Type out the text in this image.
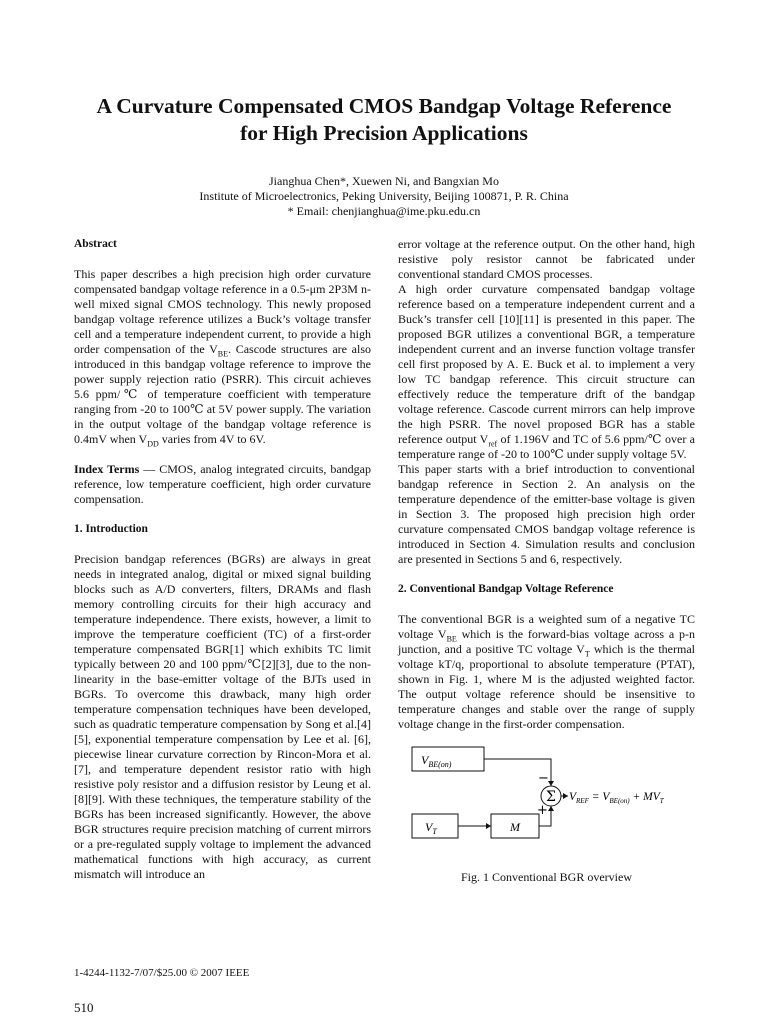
A Curvature Compensated CMOS Bandgap Voltage Reference
for High Precision Applications
Jianghua Chen*, Xuewen Ni, and Bangxian Mo
Institute of Microelectronics, Peking University, Beijing 100871, P. R. China
* Email: chenjianghua@ime.pku.edu.cn
Abstract

This paper describes a high precision high order curvature compensated bandgap voltage reference in a 0.5-μm 2P3M n-well mixed signal CMOS technology. This newly proposed bandgap voltage reference utilizes a Buck’s voltage transfer cell and a temperature independent current, to provide a high order compensation of the $V_{BE}$. Cascode structures are also introduced in this bandgap voltage reference to improve the power supply rejection ratio (PSRR). This circuit achieves 5.6 ppm/℃ of temperature coefficient with temperature ranging from -20 to 100℃ at 5V power supply. The variation in the output voltage of the bandgap voltage reference is 0.4mV when $V_{DD}$ varies from 4V to 6V.

Index Terms — CMOS, analog integrated circuits, bandgap reference, low temperature coefficient, high order curvature compensation.

1. Introduction

Precision bandgap references (BGRs) are always in great needs in integrated analog, digital or mixed signal building blocks such as A/D converters, filters, DRAMs and flash memory controlling circuits for their high accuracy and temperature independence. There exists, however, a limit to improve the temperature coefficient (TC) of a first-order temperature compensated BGR[1] which exhibits TC limit typically between 20 and 100 ppm/℃[2][3], due to the non-linearity in the base-emitter voltage of the BJTs used in BGRs. To overcome this drawback, many high order temperature compensation techniques have been developed, such as quadratic temperature compensation by Song et al.[4][5], exponential temperature compensation by Lee et al. [6], piecewise linear curvature correction by Rincon-Mora et al.[7], and temperature dependent resistor ratio with high resistive poly resistor and a diffusion resistor by Leung et al.[8][9]. With these techniques, the temperature stability of the BGRs has been increased significantly. However, the above BGR structures require precision matching of current mirrors or a pre-regulated supply voltage to implement the advanced mathematical functions with high accuracy, as current mismatch will introduce an

error voltage at the reference output. On the other hand, high resistive poly resistor cannot be fabricated under conventional standard CMOS processes.

A high order curvature compensated bandgap voltage reference based on a temperature independent current and a Buck’s transfer cell [10][11] is presented in this paper. The proposed BGR utilizes a conventional BGR, a temperature independent current and an inverse function voltage transfer cell first proposed by A. E. Buck et al. to implement a very low TC bandgap reference. This circuit structure can effectively reduce the temperature drift of the bandgap voltage reference. Cascode current mirrors can help improve the high PSRR. The novel proposed BGR has a stable reference output $V_{ref}$ of 1.196V and TC of 5.6 ppm/℃ over a temperature range of -20 to 100℃ under supply voltage 5V.

This paper starts with a brief introduction to conventional bandgap reference in Section 2. An analysis on the temperature dependence of the emitter-base voltage is given in Section 3. The proposed high precision high order curvature compensated CMOS bandgap voltage reference is introduced in Section 4. Simulation results and conclusion are presented in Sections 5 and 6, respectively.

2. Conventional Bandgap Voltage Reference

The conventional BGR is a weighted sum of a negative TC voltage $V_{BE}$ which is the forward-bias voltage across a p-n junction, and a positive TC voltage $V_T$ which is the thermal voltage kT/q, proportional to absolute temperature (PTAT), shown in Fig. 1, where M is the adjusted weighted factor. The output voltage reference should be insensitive to temperature changes and stable over the range of supply voltage change in the first-order compensation.

Σ
−
+
$V_{BE(on)}$
$V_T$	M
$V_{REF} = V_{BE(on)} + MV_T$
Fig. 1 Conventional BGR overview
1-4244-1132-7/07/$25.00 © 2007 IEEE
510
